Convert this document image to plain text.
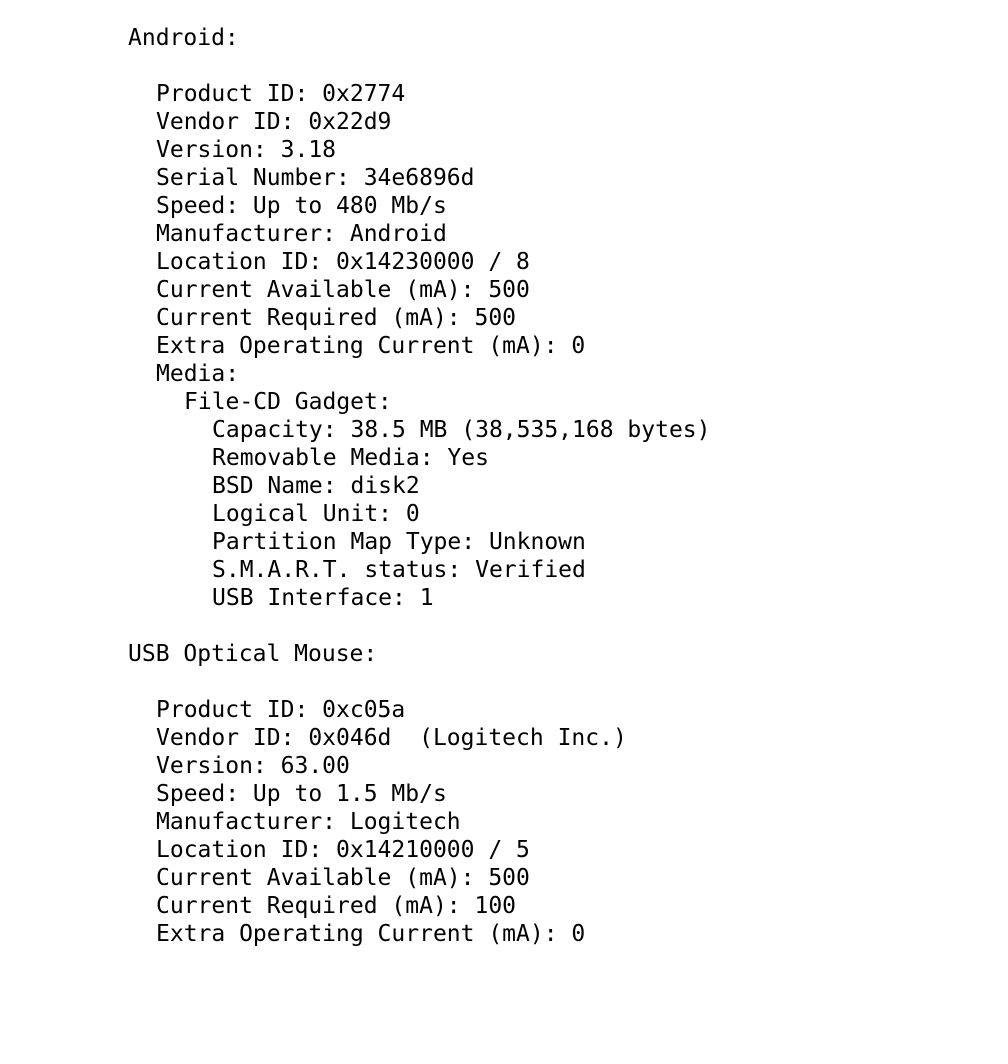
Android:

Product ID: 0x2774

Vendor ID: 0x22d9

Version: 3.18

Serial Number: 34e6896d

Speed: Up to 480 Mb/s

Manufacturer: Android

Location ID: 0x14230000 / 8

Current Available (mA): 500

Current Required (mA): 500

Extra Operating Current (mA): 0

Media:

File-CD Gadget:

Capacity: 38.5 MB (38,535,168 bytes)

Removable Media: Yes

BSD Name: disk2

Logical Unit: 0

Partition Map Type: Unknown

S.M.A.R.T. status: Verified

USB Interface: 1

USB Optical Mouse:

Product ID: 0xc05a

Vendor ID: 0x046d  (Logitech Inc.)

Version: 63.00

Speed: Up to 1.5 Mb/s

Manufacturer: Logitech

Location ID: 0x14210000 / 5

Current Available (mA): 500

Current Required (mA): 100

Extra Operating Current (mA): 0
